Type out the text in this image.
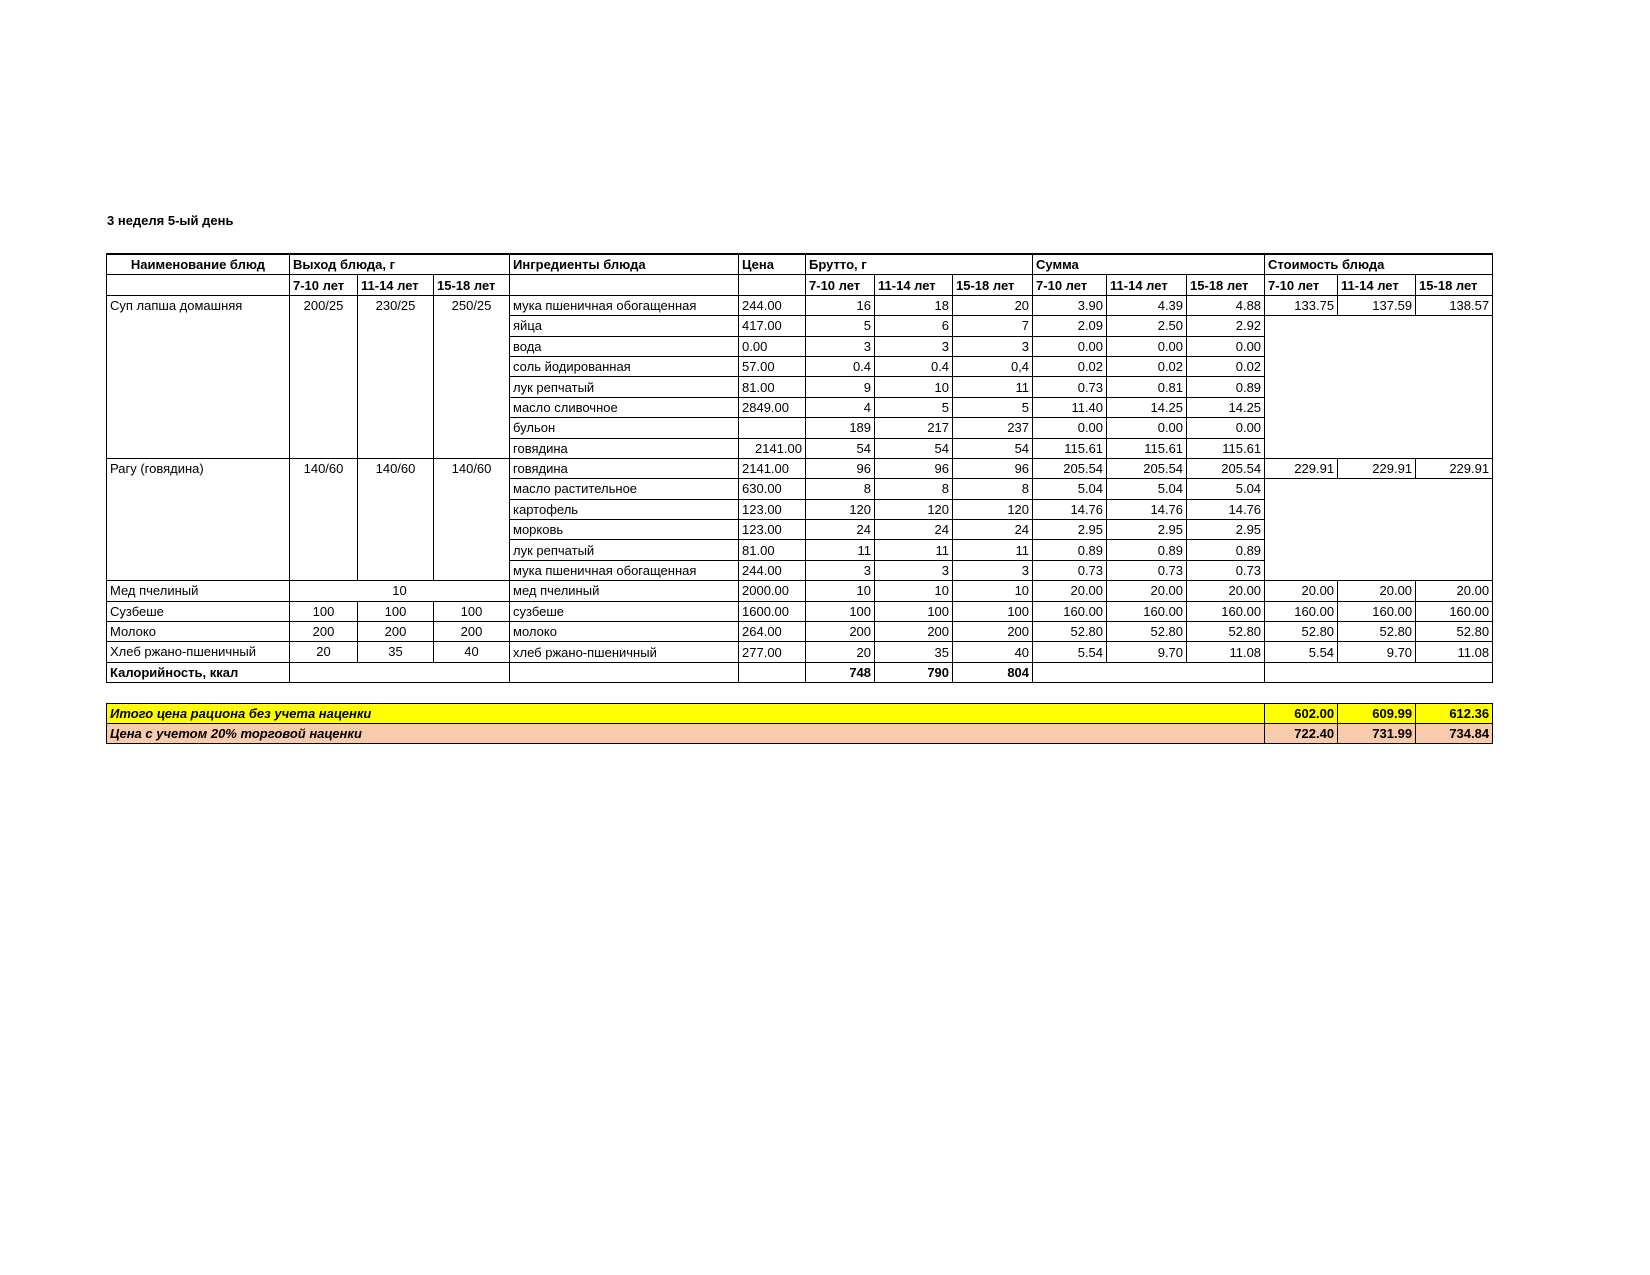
3 неделя 5-ый день
Наименование блюд	Выход блюда, г			Ингредиенты блюда	Цена	Брутто, г			Сумма			Стоимость блюда		
	7-10 лет	11-14 лет	15-18 лет			7-10 лет	11-14 лет	15-18 лет	7-10 лет	11-14 лет	15-18 лет	7-10 лет	11-14 лет	15-18 лет
Суп лапша домашняя	200/25	230/25	250/25	мука пшеничная обогащенная	244.00	16	18	20	3.90	4.39	4.88	133.75	137.59	138.57
				яйца	417.00	5	6	7	2.09	2.50	2.92			
				вода	0.00	3	3	3	0.00	0.00	0.00			
				соль йодированная	57.00	0.4	0.4	0,4	0.02	0.02	0.02			
				лук репчатый	81.00	9	10	11	0.73	0.81	0.89			
				масло сливочное	2849.00	4	5	5	11.40	14.25	14.25			
				бульон		189	217	237	0.00	0.00	0.00			
				говядина	2141.00	54	54	54	115.61	115.61	115.61			
Рагу (говядина)	140/60	140/60	140/60	говядина	2141.00	96	96	96	205.54	205.54	205.54	229.91	229.91	229.91
				масло растительное	630.00	8	8	8	5.04	5.04	5.04			
				картофель	123.00	120	120	120	14.76	14.76	14.76			
				морковь	123.00	24	24	24	2.95	2.95	2.95			
				лук репчатый	81.00	11	11	11	0.89	0.89	0.89			
				мука пшеничная обогащенная	244.00	3	3	3	0.73	0.73	0.73			
Мед пчелиный	10			мед пчелиный	2000.00	10	10	10	20.00	20.00	20.00	20.00	20.00	20.00
Сузбеше	100	100	100	сузбеше	1600.00	100	100	100	160.00	160.00	160.00	160.00	160.00	160.00
Молоко	200	200	200	молоко	264.00	200	200	200	52.80	52.80	52.80	52.80	52.80	52.80
Хлеб ржано-пшеничный	20	35	40	хлеб ржано-пшеничный	277.00	20	35	40	5.54	9.70	11.08	5.54	9.70	11.08
Калорийность, ккал						748	790	804						

Итого цена рациона без учета наценки												602.00	609.99	612.36
Цена с учетом 20% торговой наценки												722.40	731.99	734.84
